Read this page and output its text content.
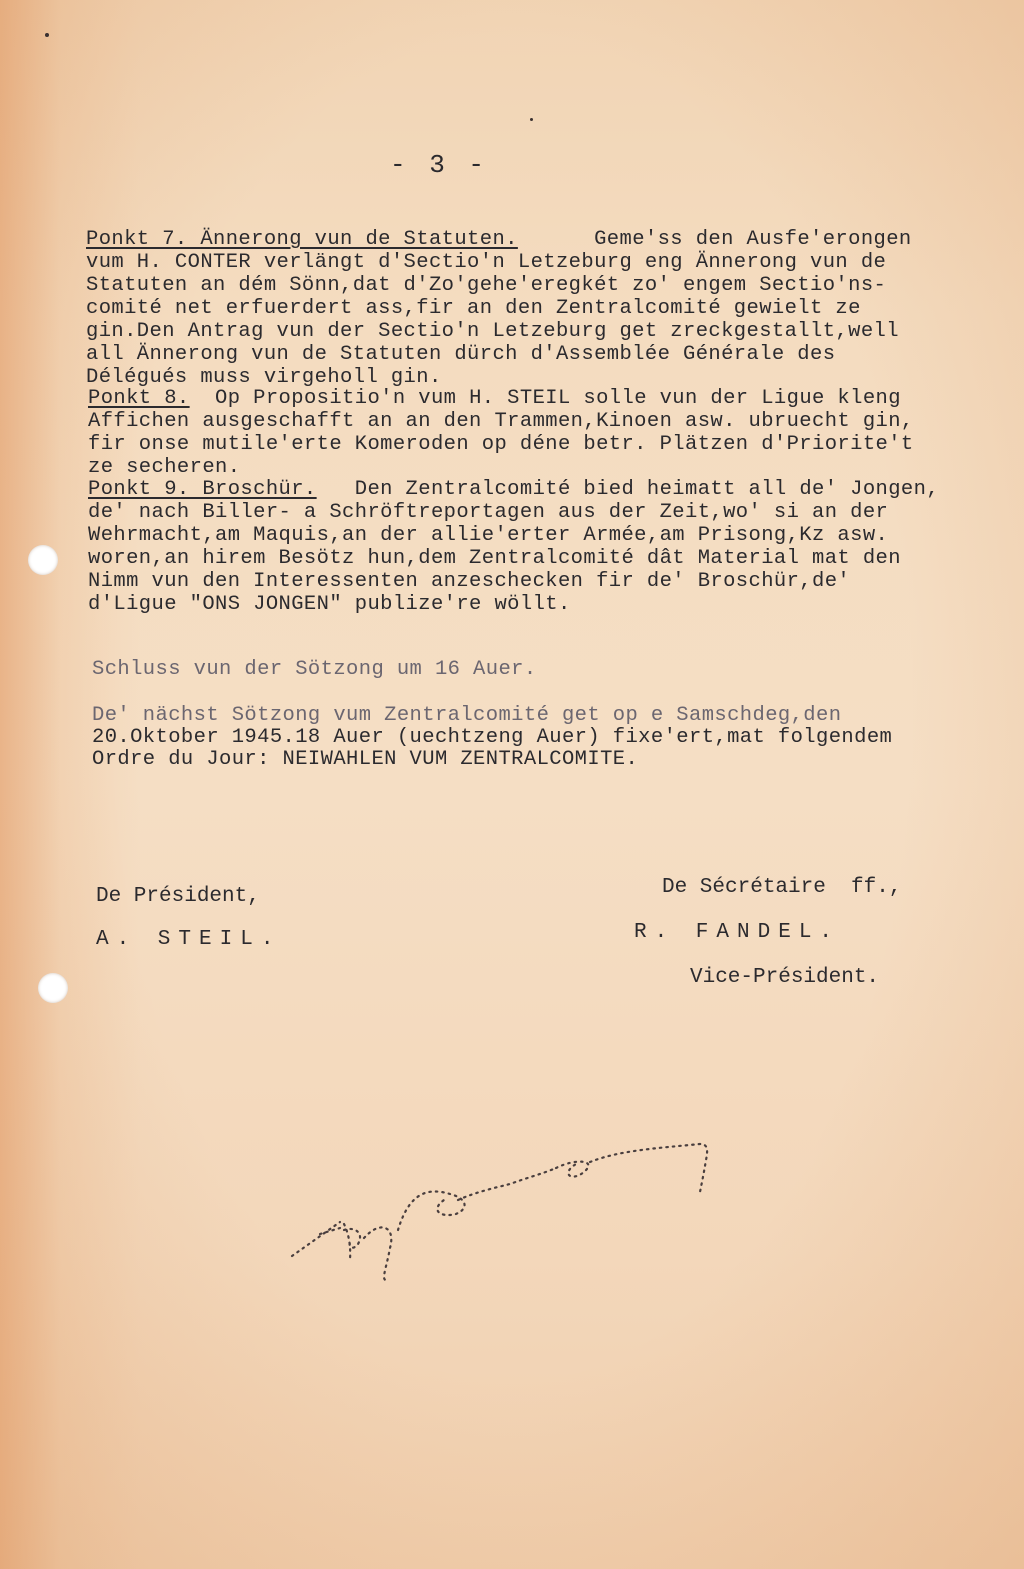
- 3 -
Ponkt 7. Ännerong vun de Statuten.      Geme'ss den Ausfe'erongen
vum H. CONTER verlängt d'Sectio'n Letzeburg eng Ännerong vun de
Statuten an dém Sönn,dat d'Zo'gehe'eregkét zo' engem Sectio'ns-
comité net erfuerdert ass,fir an den Zentralcomité gewielt ze
gin.Den Antrag vun der Sectio'n Letzeburg get zreckgestallt,well
all Ännerong vun de Statuten dürch d'Assemblée Générale des
Délégués muss virgeholl gin.
Ponkt 8.  Op Propositio'n vum H. STEIL solle vun der Ligue kleng
Affichen ausgeschafft an an den Trammen,Kinoen asw. ubruecht gin,
fir onse mutile'erte Komeroden op déne betr. Plätzen d'Priorite't
ze secheren.
Ponkt 9. Broschür.   Den Zentralcomité bied heimatt all de' Jongen,
de' nach Biller- a Schröftreportagen aus der Zeit,wo' si an der
Wehrmacht,am Maquis,an der allie'erter Armée,am Prisong,Kz asw.
woren,an hirem Besötz hun,dem Zentralcomité dât Material mat den
Nimm vun den Interessenten anzeschecken fir de' Broschür,de'
d'Ligue "ONS JONGEN" publize're wöllt.
Schluss vun der Sötzong um 16 Auer.
De' nächst Sötzong vum Zentralcomité get op e Samschdeg,den
20.Oktober 1945.18 Auer (uechtzeng Auer) fixe'ert,mat folgendem
Ordre du Jour: NEIWAHLEN VUM ZENTRALCOMITE.
De Président,
A. STEIL.
De Sécrétaire  ff.,
R. FANDEL.
Vice-Président.
